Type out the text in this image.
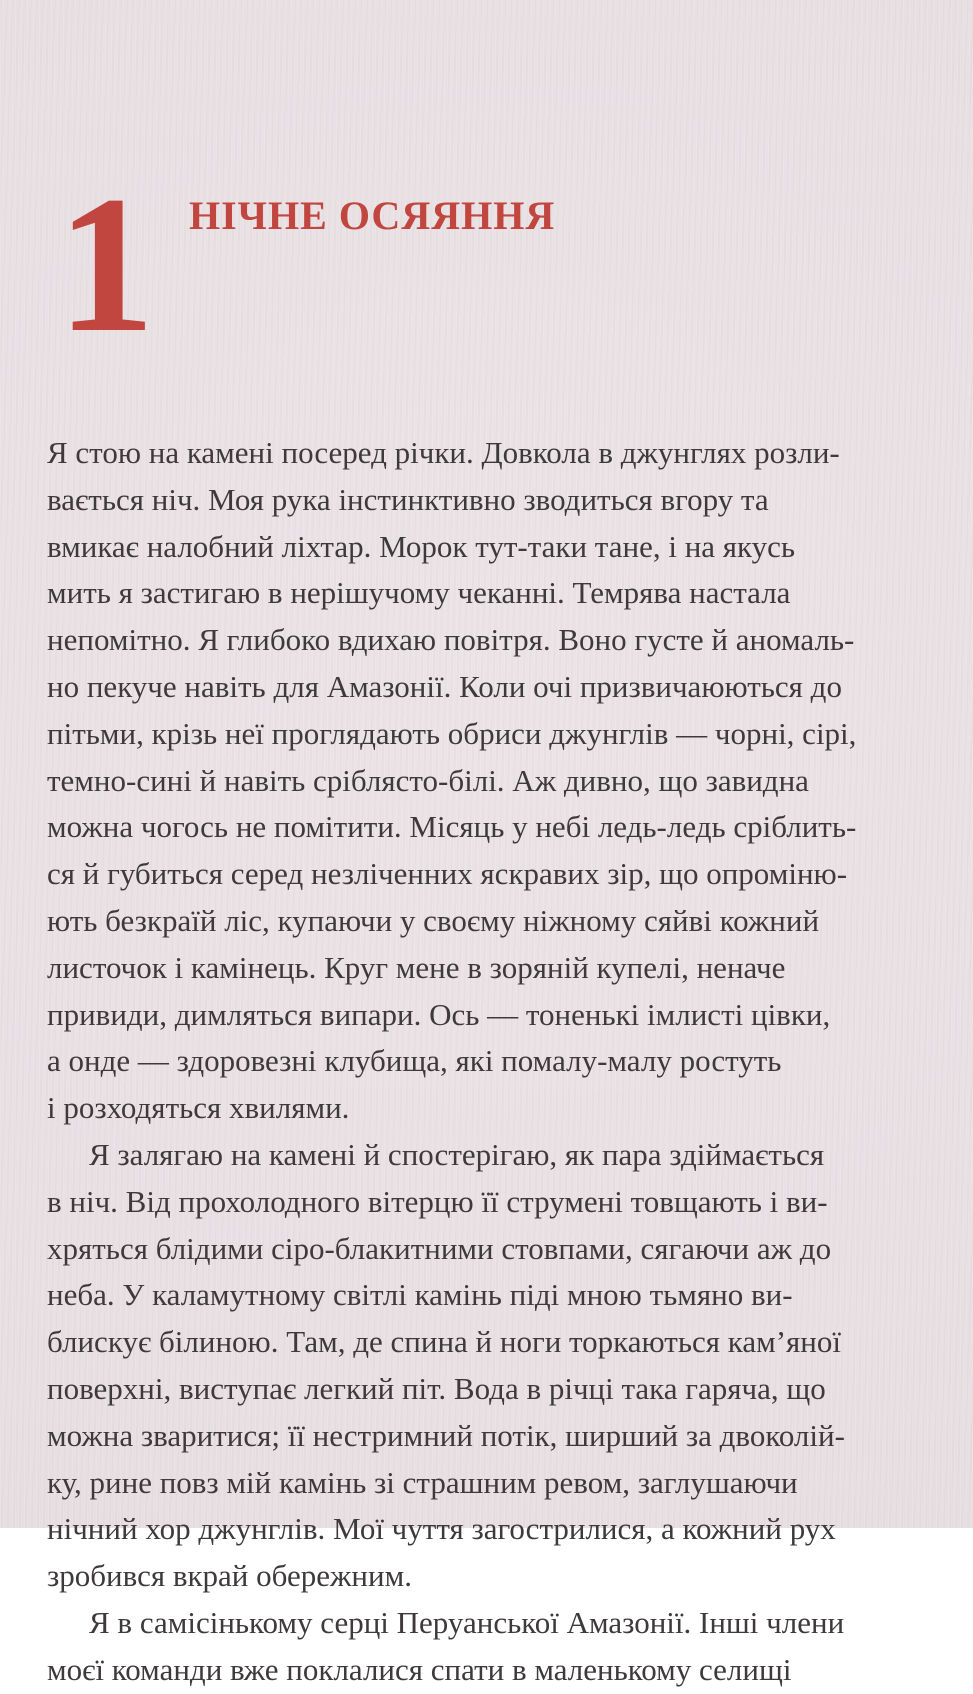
1 НІЧНЕ ОСЯЯННЯ

Я стою на камені посеред річки. Довкола в джунглях розли-
вається ніч. Моя рука інстинктивно зводиться вгору та
вмикає налобний ліхтар. Морок тут-таки тане, і на якусь
мить я застигаю в нерішучому чеканні. Темрява настала
непомітно. Я глибоко вдихаю повітря. Воно густе й аномаль-
но пекуче навіть для Амазонії. Коли очі призвичаюються до
пітьми, крізь неї проглядають обриси джунглів — чорні, сірі,
темно-сині й навіть сріблясто-білі. Аж дивно, що завидна
можна чогось не помітити. Місяць у небі ледь-ледь сріблить-
ся й губиться серед незліченних яскравих зір, що опроміню-
ють безкраїй ліс, купаючи у своєму ніжному сяйві кожний
листочок і камінець. Круг мене в зоряній купелі, неначе
привиди, димляться випари. Ось — тоненькі імлисті цівки,
а онде — здоровезні клубища, які помалу-малу ростуть
і розходяться хвилями.

Я залягаю на камені й спостерігаю, як пара здіймається
в ніч. Від прохолодного вітерцю її струмені товщають і ви-
хряться блідими сіро-блакитними стовпами, сягаючи аж до
неба. У каламутному світлі камінь піді мною тьмяно ви-
блискує білиною. Там, де спина й ноги торкаються кам’яної
поверхні, виступає легкий піт. Вода в річці така гаряча, що
можна зваритися; її нестримний потік, ширший за двоколій-
ку, рине повз мій камінь зі страшним ревом, заглушаючи
нічний хор джунглів. Мої чуття загострилися, а кожний рух
зробився вкрай обережним.

Я в самісінькому серці Перуанської Амазонії. Інші члени
моєї команди вже поклалися спати в маленькому селищі
